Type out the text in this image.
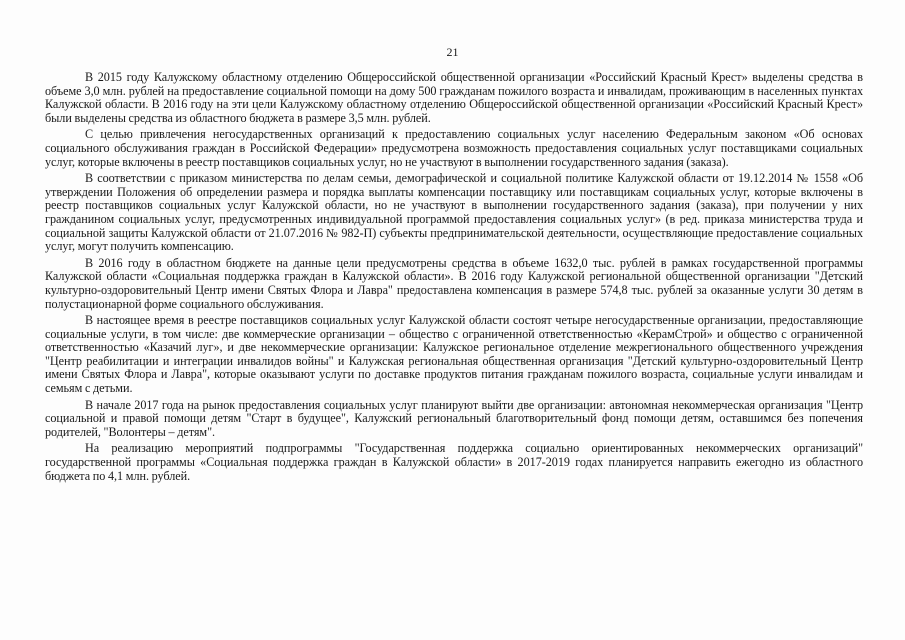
21

В 2015 году Калужскому областному отделению Общероссийской общественной организации «Российский Красный Крест» выделены средства в объеме 3,0 млн. рублей на предоставление социальной помощи на дому 500 гражданам пожилого возраста и инвалидам, проживающим в населенных пунктах Калужской области. В 2016 году на эти цели Калужскому областному отделению Общероссийской общественной организации «Российский Красный Крест» были выделены средства из областного бюджета в размере 3,5 млн. рублей.

С целью привлечения негосударственных организаций к предоставлению социальных услуг населению Федеральным законом «Об основах социального обслуживания граждан в Российской Федерации» предусмотрена возможность предоставления социальных услуг поставщиками социальных услуг, которые включены в реестр поставщиков социальных услуг, но не участвуют в выполнении государственного задания (заказа).

В соответствии с приказом министерства по делам семьи, демографической и социальной политике Калужской области от 19.12.2014 № 1558 «Об утверждении Положения об определении размера и порядка выплаты компенсации поставщику или поставщикам социальных услуг, которые включены в реестр поставщиков социальных услуг Калужской области, но не участвуют в выполнении государственного задания (заказа), при получении у них гражданином социальных услуг, предусмотренных индивидуальной программой предоставления социальных услуг» (в ред. приказа министерства труда и социальной защиты Калужской области от 21.07.2016 № 982-П) субъекты предпринимательской деятельности, осуществляющие предоставление социальных услуг, могут получить компенсацию.

В 2016 году в областном бюджете на данные цели предусмотрены средства в объеме 1632,0 тыс. рублей в рамках государственной программы Калужской области «Социальная поддержка граждан в Калужской области». В 2016 году Калужской региональной общественной организации "Детский культурно-оздоровительный Центр имени Святых Флора и Лавра" предоставлена компенсация в размере 574,8 тыс. рублей за оказанные услуги 30 детям в полустационарной форме социального обслуживания.

В настоящее время в реестре поставщиков социальных услуг Калужской области состоят четыре негосударственные организации, предоставляющие социальные услуги, в том числе: две коммерческие организации – общество с ограниченной ответственностью «КерамСтрой» и общество с ограниченной ответственностью «Казачий луг», и две некоммерческие организации: Калужское региональное отделение межрегионального общественного учреждения "Центр реабилитации и интеграции инвалидов войны" и Калужская региональная общественная организация "Детский культурно-оздоровительный Центр имени Святых Флора и Лавра", которые оказывают услуги по доставке продуктов питания гражданам пожилого возраста, социальные услуги инвалидам и семьям с детьми.

В начале 2017 года на рынок предоставления социальных услуг планируют выйти две организации: автономная некоммерческая организация "Центр социальной и правой помощи детям "Старт в будущее", Калужский региональный благотворительный фонд помощи детям, оставшимся без попечения родителей, "Волонтеры – детям".

На реализацию мероприятий подпрограммы "Государственная поддержка социально ориентированных некоммерческих организаций" государственной программы «Социальная поддержка граждан в Калужской области» в 2017-2019 годах планируется направить ежегодно из областного бюджета по 4,1 млн. рублей.
